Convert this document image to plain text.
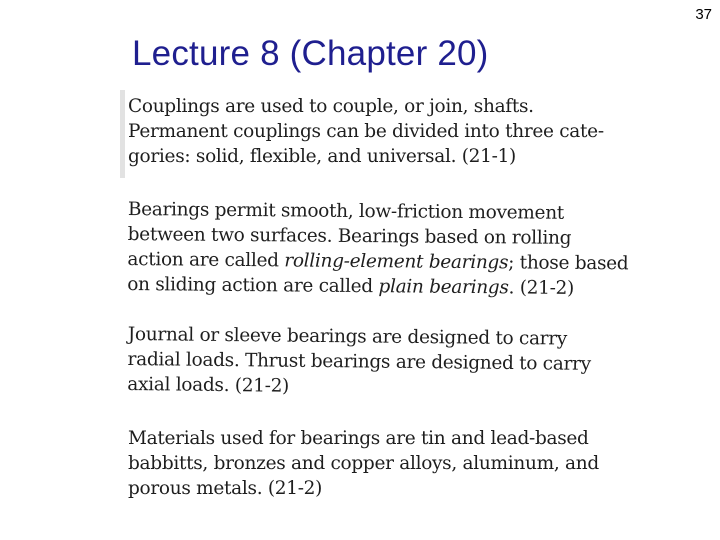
37
Lecture 8 (Chapter 20)

Couplings are used to couple, or join, shafts.
Permanent couplings can be divided into three cate-
gories: solid, flexible, and universal. (21-1)

Bearings permit smooth, low-friction movement
between two surfaces. Bearings based on rolling
action are called rolling-element bearings; those based
on sliding action are called plain bearings. (21-2)

Journal or sleeve bearings are designed to carry
radial loads. Thrust bearings are designed to carry
axial loads. (21-2)

Materials used for bearings are tin and lead-based
babbitts, bronzes and copper alloys, aluminum, and
porous metals. (21-2)
